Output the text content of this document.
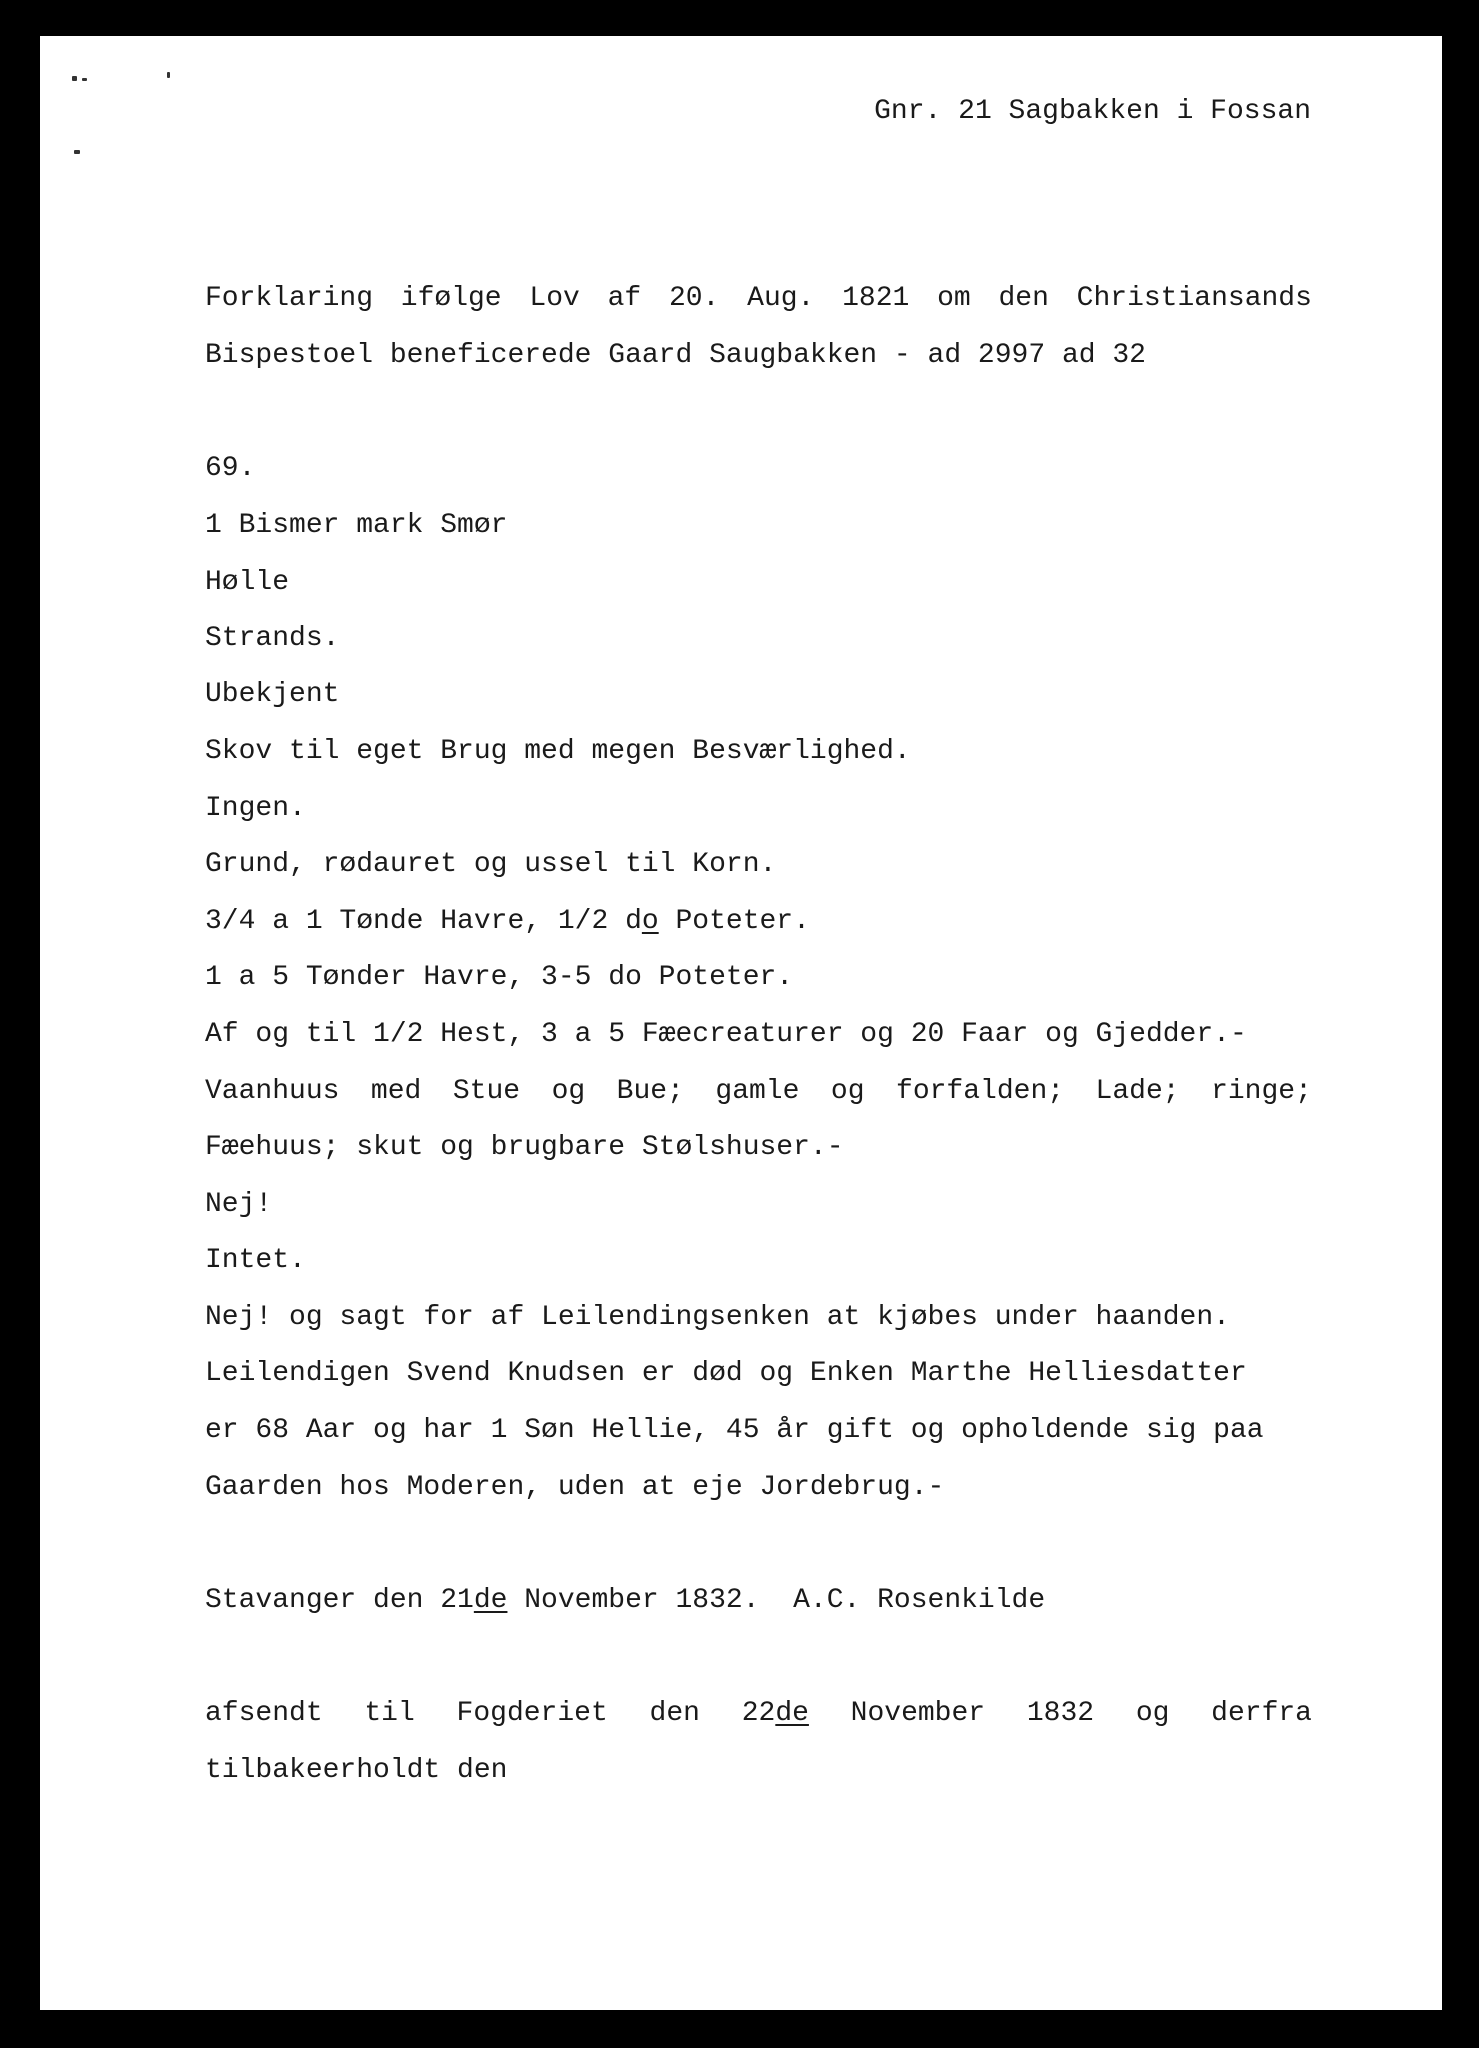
Gnr. 21 Sagbakken i Fossan
Forklaring ifølge Lov af 20. Aug. 1821 om den Christiansands
Bispestoel beneficerede Gaard Saugbakken - ad 2997 ad 32
69.
1 Bismer mark Smør
Hølle
Strands.
Ubekjent
Skov til eget Brug med megen Besværlighed.
Ingen.
Grund, rødauret og ussel til Korn.
3/4 a 1 Tønde Havre, 1/2 do Poteter.
1 a 5 Tønder Havre, 3-5 do Poteter.
Af og til 1/2 Hest, 3 a 5 Fæecreaturer og 20 Faar og Gjedder.-
Vaanhuus med Stue og Bue; gamle og forfalden; Lade; ringe;
Fæehuus; skut og brugbare Stølshuser.-
Nej!
Intet.
Nej! og sagt for af Leilendingsenken at kjøbes under haanden.
Leilendigen Svend Knudsen er død og Enken Marthe Helliesdatter
er 68 Aar og har 1 Søn Hellie, 45 år gift og opholdende sig paa
Gaarden hos Moderen, uden at eje Jordebrug.-
Stavanger den 21de November 1832.  A.C. Rosenkilde
afsendt til Fogderiet den 22de November 1832 og derfra
tilbakeerholdt den
